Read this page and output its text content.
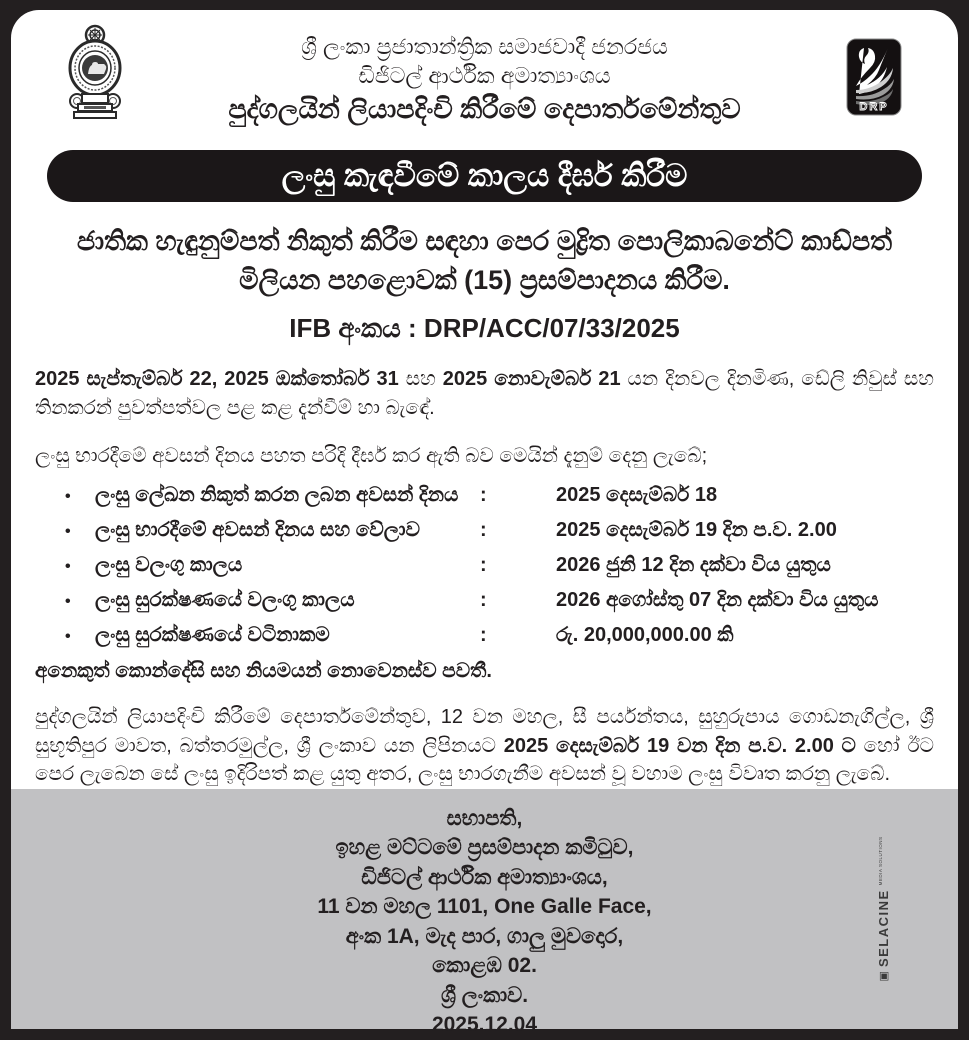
ශ්‍රී ලංකා ප්‍රජාතාන්ත්‍රික සමාජවාදී ජනරජය
ඩිජිටල් ආර්ථික අමාත්‍යාංශය
පුද්ගලයින් ලියාපදිංචි කිරීමේ දෙපාර්තමේන්තුව	DRP
ලංසු කැඳවීමේ කාලය දීර්ඝ කිරීම
ජාතික හැඳුනුම්පත් නිකුත් කිරීම සඳහා පෙර මුද්‍රිත පොලිකාබනේට් කාඩ්පත්
මිලියන පහළොවක් (15) ප්‍රසම්පාදනය කිරීම.
IFB අංකය : DRP/ACC/07/33/2025
2025 සැප්තැම්බර් 22, 2025 ඔක්තෝබර් 31 සහ 2025 නොවැම්බර් 21 යන දිනවල දිනමිණ, ඩේලි නිවුස් සහ තිනකරන් පුවත්පත්වල පළ කළ දැන්වීම් හා බැඳේ.
ලංසු භාරදීමේ අවසන් දිනය පහත පරිදි දීර්ඝ කර ඇති බව මෙයින් දැනුම් දෙනු ලැබේ;
•	ලංසු ලේඛන නිකුත් කරන ලබන අවසන් දිනය	:	2025 දෙසැම්බර් 18
•	ලංසු භාරදීමේ අවසන් දිනය සහ වේලාව	:	2025 දෙසැම්බර් 19 දින ප.ව. 2.00
•	ලංසු වලංගු කාලය	:	2026 ජුනි 12 දින දක්වා විය යුතුය
•	ලංසු සුරක්ෂණයේ වලංගු කාලය	:	2026 අගෝස්තු 07 දින දක්වා විය යුතුය
•	ලංසු සුරක්ෂණයේ වටිනාකම	:	රු. 20,000,000.00 කි
අනෙකුත් කොන්දේසි සහ නියමයන් නොවෙනස්ව පවතී.
පුද්ගලයින් ලියාපදිංචි කිරීමේ දෙපාර්තමේන්තුව, 12 වන මහල, සී පර්යන්තය, සුහුරුපාය ගොඩනැගිල්ල, ශ්‍රී සුභූතිපුර මාවත, බත්තරමුල්ල, ශ්‍රී ලංකාව යන ලිපිනයට 2025 දෙසැම්බර් 19 වන දින ප.ව. 2.00 ට හෝ ඊට පෙර ලැබෙන සේ ලංසු ඉදිරිපත් කළ යුතු අතර, ලංසු භාරගැනීම අවසන් වූ වහාම ලංසු විවෘත කරනු ලැබේ.
සභාපති,
ඉහළ මට්ටමේ ප්‍රසම්පාදන කමිටුව,
ඩිජිටල් ආර්ථික අමාත්‍යාංශය,
11 වන මහල 1101, One Galle Face,
අංක 1A, මැද පාර, ගාලු මුවදොර,
කොළඹ 02.
ශ්‍රී ලංකාව.
2025.12.04
▣
SELACINE
MEDIA SOLUTIONS
